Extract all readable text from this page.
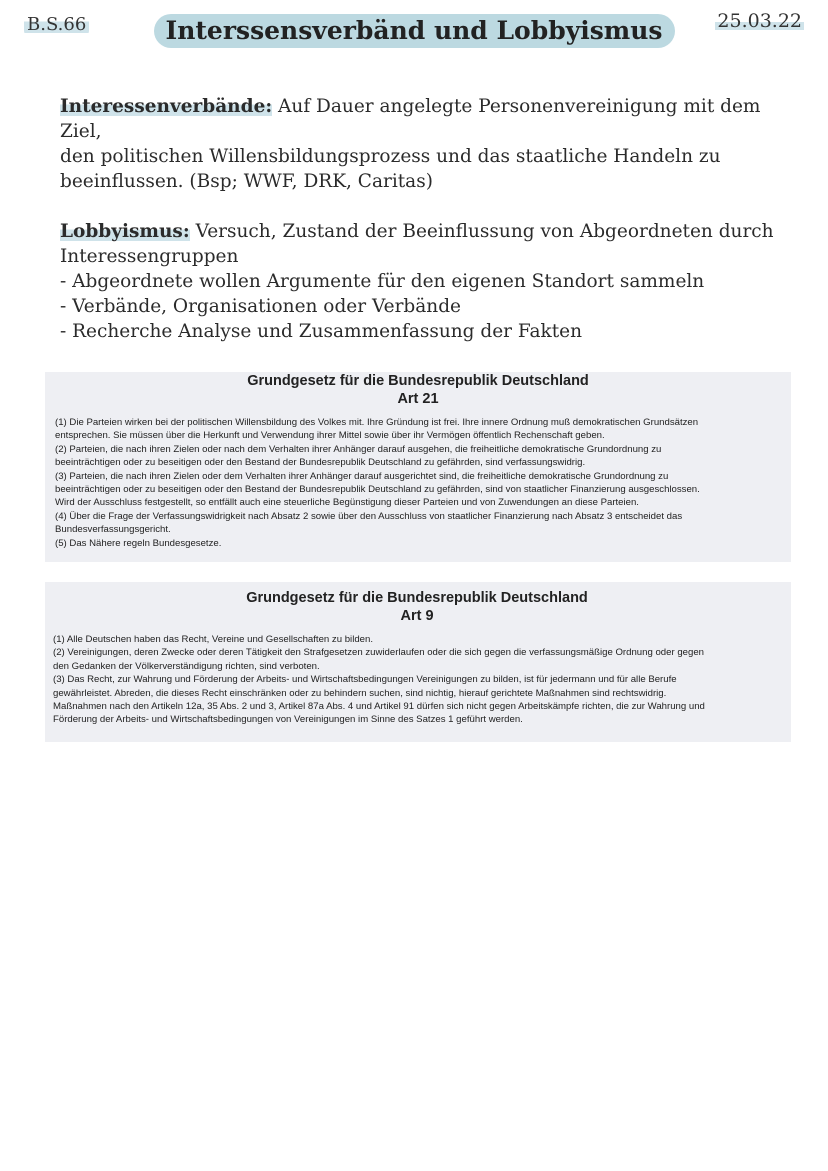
B.S.66	Interssensverbänd und Lobbyismus	25.03.22

Interessenverbände: Auf Dauer angelegte Personenvereinigung mit dem Ziel,

den politischen Willensbildungsprozess und das staatliche Handeln zu

beeinflussen. (Bsp; WWF, DRK, Caritas)

Lobbyismus: Versuch, Zustand der Beeinflussung von Abgeordneten durch

Interessengruppen

- Abgeordnete wollen Argumente für den eigenen Standort sammeln

- Verbände, Organisationen oder Verbände

- Recherche Analyse und Zusammenfassung der Fakten

Grundgesetz für die Bundesrepublik Deutschland
Art 21

(1) Die Parteien wirken bei der politischen Willensbildung des Volkes mit. Ihre Gründung ist frei. Ihre innere Ordnung muß demokratischen Grundsätzen

entsprechen. Sie müssen über die Herkunft und Verwendung ihrer Mittel sowie über ihr Vermögen öffentlich Rechenschaft geben.

(2) Parteien, die nach ihren Zielen oder nach dem Verhalten ihrer Anhänger darauf ausgehen, die freiheitliche demokratische Grundordnung zu

beeinträchtigen oder zu beseitigen oder den Bestand der Bundesrepublik Deutschland zu gefährden, sind verfassungswidrig.

(3) Parteien, die nach ihren Zielen oder dem Verhalten ihrer Anhänger darauf ausgerichtet sind, die freiheitliche demokratische Grundordnung zu

beeinträchtigen oder zu beseitigen oder den Bestand der Bundesrepublik Deutschland zu gefährden, sind von staatlicher Finanzierung ausgeschlossen.

Wird der Ausschluss festgestellt, so entfällt auch eine steuerliche Begünstigung dieser Parteien und von Zuwendungen an diese Parteien.

(4) Über die Frage der Verfassungswidrigkeit nach Absatz 2 sowie über den Ausschluss von staatlicher Finanzierung nach Absatz 3 entscheidet das

Bundesverfassungsgericht.

(5) Das Nähere regeln Bundesgesetze.

Grundgesetz für die Bundesrepublik Deutschland
Art 9

(1) Alle Deutschen haben das Recht, Vereine und Gesellschaften zu bilden.

(2) Vereinigungen, deren Zwecke oder deren Tätigkeit den Strafgesetzen zuwiderlaufen oder die sich gegen die verfassungsmäßige Ordnung oder gegen

den Gedanken der Völkerverständigung richten, sind verboten.

(3) Das Recht, zur Wahrung und Förderung der Arbeits- und Wirtschaftsbedingungen Vereinigungen zu bilden, ist für jedermann und für alle Berufe

gewährleistet. Abreden, die dieses Recht einschränken oder zu behindern suchen, sind nichtig, hierauf gerichtete Maßnahmen sind rechtswidrig.

Maßnahmen nach den Artikeln 12a, 35 Abs. 2 und 3, Artikel 87a Abs. 4 und Artikel 91 dürfen sich nicht gegen Arbeitskämpfe richten, die zur Wahrung und

Förderung der Arbeits- und Wirtschaftsbedingungen von Vereinigungen im Sinne des Satzes 1 geführt werden.
